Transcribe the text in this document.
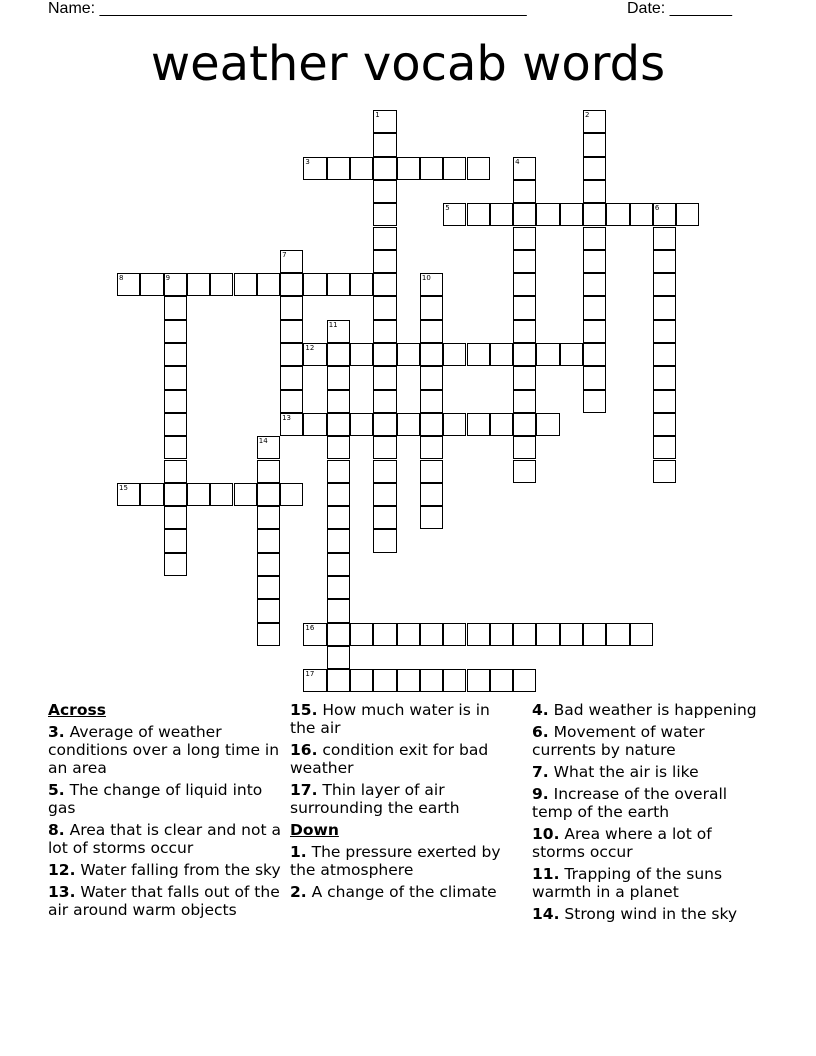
Name: ________________________________________________	Date: _______
weather vocab words
1	2
3	4
5	6
7
8	9	10
11
12
13
14
15
16
17
Across
3. Average of weather conditions over a long time in an area
5. The change of liquid into gas
8. Area that is clear and not a lot of storms occur
12. Water falling from the sky
13. Water that falls out of the air around warm objects
15. How much water is in the air
16. condition exit for bad weather
17. Thin layer of air surrounding the earth
Down
1. The pressure exerted by the atmosphere
2. A change of the climate
4. Bad weather is happening
6. Movement of water currents by nature
7. What the air is like
9. Increase of the overall temp of the earth
10. Area where a lot of storms occur
11. Trapping of the suns warmth in a planet
14. Strong wind in the sky
